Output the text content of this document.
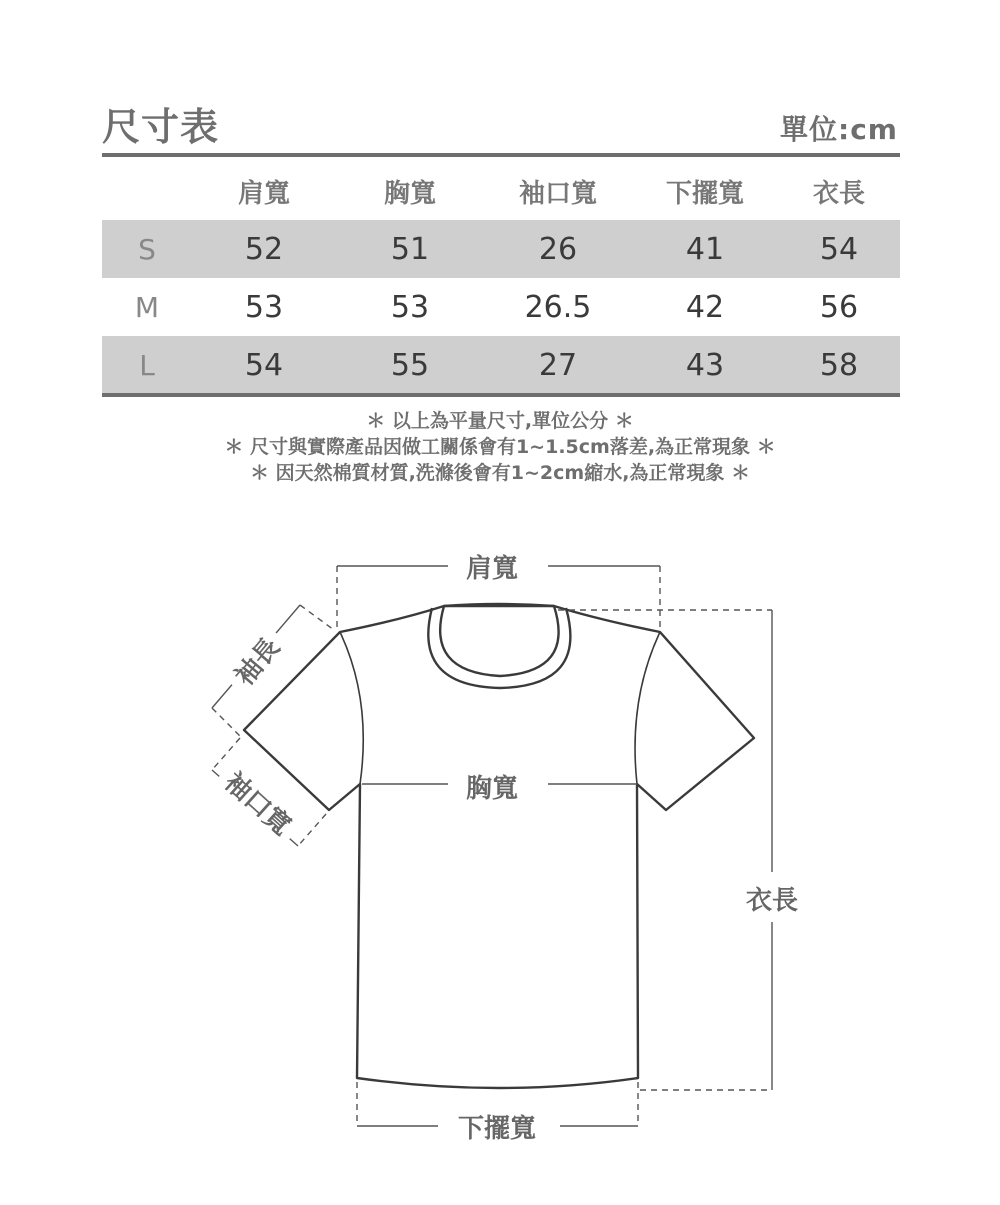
尺寸表	單位:cm
	肩寬	胸寬	袖口寬	下擺寬	衣長
S	52	51	26	41	54
M	53	53	26.5	42	56
L	54	55	27	43	58
＊ 以上為平量尺寸,單位公分 ＊
＊ 尺寸與實際產品因做工關係會有1~1.5cm落差,為正常現象 ＊
＊ 因天然棉質材質,洗滌後會有1~2cm縮水,為正常現象 ＊
肩寬
胸寬
衣長
下擺寬
袖長
袖口寬
